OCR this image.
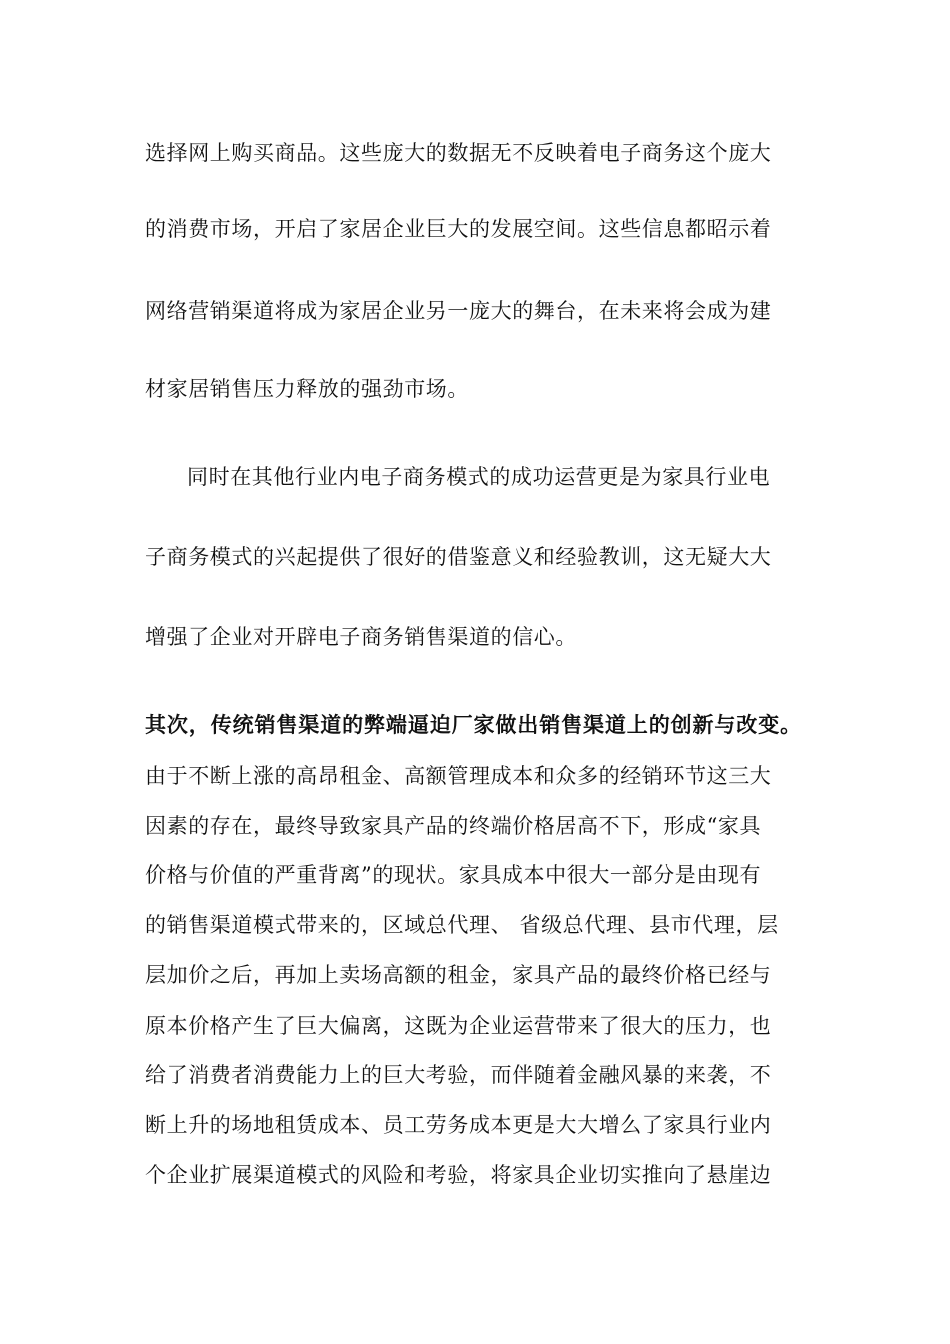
选择网上购买商品。这些庞大的数据无不反映着电子商务这个庞大
的消费市场，开启了家居企业巨大的发展空间。这些信息都昭示着
网络营销渠道将成为家居企业另一庞大的舞台，在未来将会成为建
材家居销售压力释放的强劲市场。
同时在其他行业内电子商务模式的成功运营更是为家具行业电
子商务模式的兴起提供了很好的借鉴意义和经验教训，这无疑大大
增强了企业对开辟电子商务销售渠道的信心。
其次，传统销售渠道的弊端逼迫厂家做出销售渠道上的创新与改变。
由于不断上涨的高昂租金、高额管理成本和众多的经销环节这三大
因素的存在，最终导致家具产品的终端价格居高不下，形成“家具
价格与价值的严重背离”的现状。家具成本中很大一部分是由现有
的销售渠道模式带来的，区域总代理、 省级总代理、县市代理，层
层加价之后，再加上卖场高额的租金，家具产品的最终价格已经与
原本价格产生了巨大偏离，这既为企业运营带来了很大的压力，也
给了消费者消费能力上的巨大考验，而伴随着金融风暴的来袭，不
断上升的场地租赁成本、员工劳务成本更是大大增么了家具行业内
个企业扩展渠道模式的风险和考验，将家具企业切实推向了悬崖边
